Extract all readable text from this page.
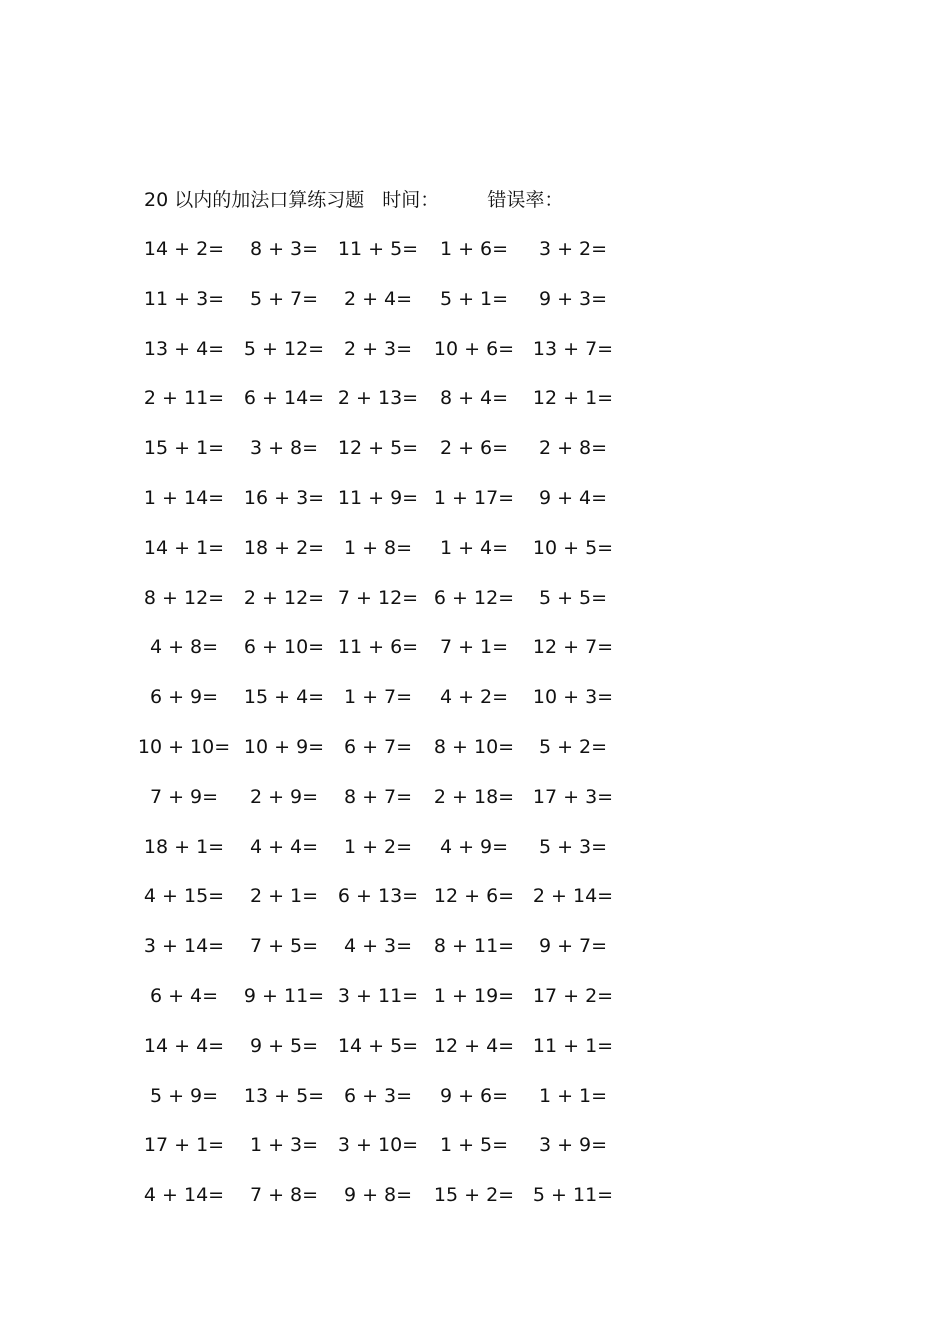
20 以内的加法口算练习题 时间：	错误率：
14 + 2=	8 + 3=	11 + 5=	1 + 6=	3 + 2=
11 + 3=	5 + 7=	2 + 4=	5 + 1=	9 + 3=
13 + 4=	5 + 12=	2 + 3=	10 + 6= 13 + 7=
2 + 11=	6 + 14= 2 + 13=	8 + 4=	12 + 1=
15 + 1=	3 + 8=	12 + 5=	2 + 6=	2 + 8=
1 + 14=	16 + 3= 11 + 9= 1 + 17=	9 + 4=
14 + 1=	18 + 2=	1 + 8=	1 + 4=	10 + 5=
8 + 12=	2 + 12= 7 + 12= 6 + 12=	5 + 5=
4 + 8=	6 + 10= 11 + 6=	7 + 1=	12 + 7=
6 + 9=	15 + 4=	1 + 7=	4 + 2=	10 + 3=
10 + 10= 10 + 9=	6 + 7=	8 + 10=	5 + 2=
7 + 9=	2 + 9=	8 + 7=	2 + 18= 17 + 3=
18 + 1=	4 + 4=	1 + 2=	4 + 9=	5 + 3=
4 + 15=	2 + 1=	6 + 13= 12 + 6= 2 + 14=
3 + 14=	7 + 5=	4 + 3=	8 + 11=	9 + 7=
6 + 4=	9 + 11= 3 + 11= 1 + 19= 17 + 2=
14 + 4=	9 + 5=	14 + 5= 12 + 4= 11 + 1=
5 + 9=	13 + 5=	6 + 3=	9 + 6=	1 + 1=
17 + 1=	1 + 3=	3 + 10=	1 + 5=	3 + 9=
4 + 14=	7 + 8=	9 + 8=	15 + 2= 5 + 11=
